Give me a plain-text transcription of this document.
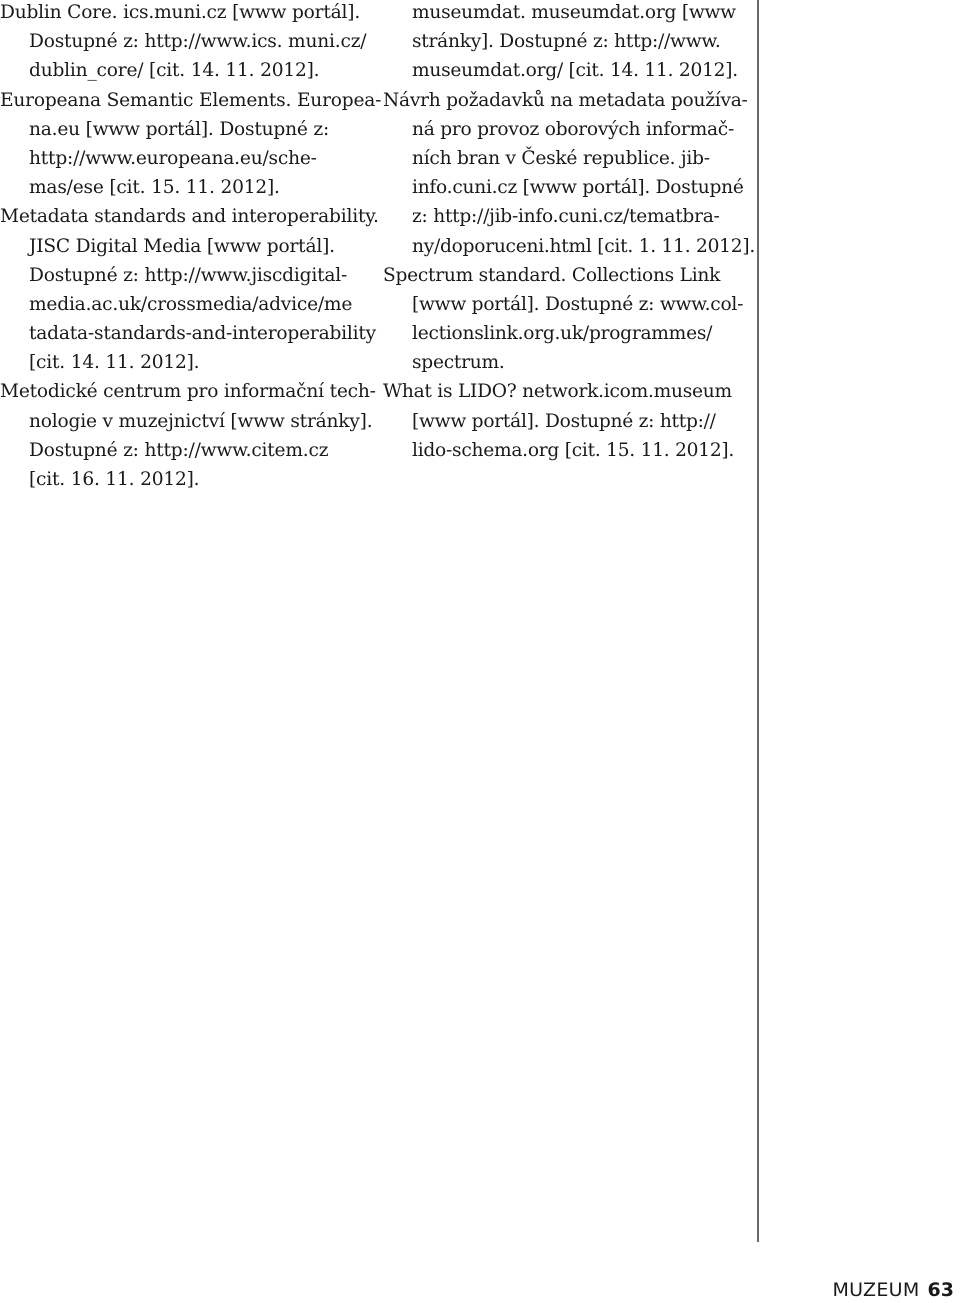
Dublin Core. ics.muni.cz [www portál].
Dostupné z: http://www.ics. muni.cz/
dublin_core/ [cit. 14. 11. 2012].
Europeana Semantic Elements. Europea-
na.eu [www portál]. Dostupné z:
http://www.europeana.eu/sche-
mas/ese [cit. 15. 11. 2012].
Metadata standards and interoperability.
JISC Digital Media [www portál].
Dostupné z: http://www.jiscdigital-
media.ac.uk/crossmedia/advice/me
tadata-standards-and-interoperability
[cit. 14. 11. 2012].
Metodické centrum pro informační tech-
nologie v muzejnictví [www stránky].
Dostupné z: http://www.citem.cz
[cit. 16. 11. 2012].
museumdat. museumdat.org [www
stránky]. Dostupné z: http://www.
museumdat.org/ [cit. 14. 11. 2012].
Návrh požadavků na metadata používa-
ná pro provoz oborových informač-
ních bran v České republice. jib-
info.cuni.cz [www portál]. Dostupné
z: http://jib-info.cuni.cz/tematbra-
ny/doporuceni.html [cit. 1. 11. 2012].
Spectrum standard. Collections Link
[www portál]. Dostupné z: www.col-
lectionslink.org.uk/programmes/
spectrum.
What is LIDO? network.icom.museum
[www portál]. Dostupné z: http://
lido-schema.org [cit. 15. 11. 2012].
MUZEUM 63
